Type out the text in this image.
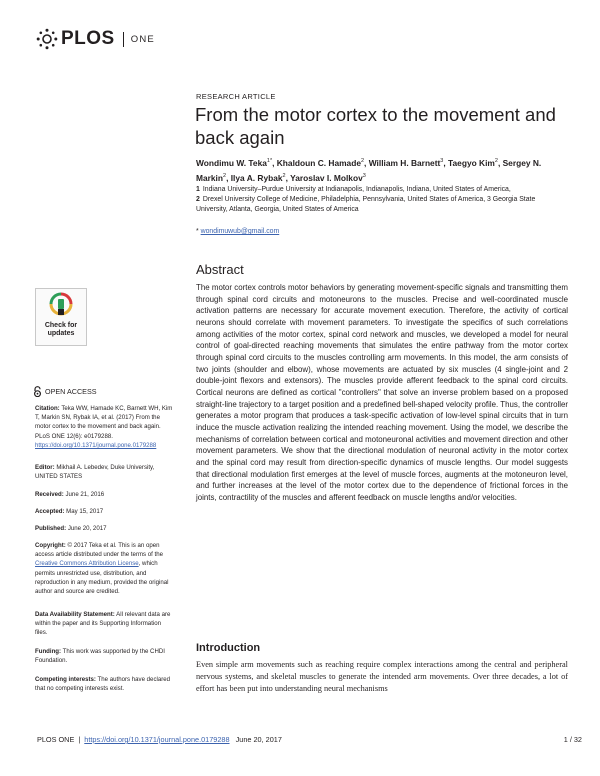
PLOS ONE
RESEARCH ARTICLE
From the motor cortex to the movement and back again
Wondimu W. Teka$^{1*}$, Khaldoun C. Hamade$^2$, William H. Barnett$^3$, Taegyo Kim$^2$, Sergey N. Markin$^2$, Ilya A. Rybak$^2$, Yaroslav I. Molkov$^3$
1 Indiana University–Purdue University at Indianapolis, Indianapolis, Indiana, United States of America,
2 Drexel University College of Medicine, Philadelphia, Pennsylvania, United States of America, 3 Georgia State University, Atlanta, Georgia, United States of America
* wondimuwub@gmail.com
Abstract
The motor cortex controls motor behaviors by generating movement-specific signals and transmitting them through spinal cord circuits and motoneurons to the muscles. Precise and well-coordinated muscle activation patterns are necessary for accurate movement execution. Therefore, the activity of cortical neurons should correlate with movement parameters. To investigate the specifics of such correlations among activities of the motor cortex, spinal cord network and muscles, we developed a model for neural control of goal-directed reaching movements that simulates the entire pathway from the motor cortex through spinal cord circuits to the muscles controlling arm movements. In this model, the arm consists of two joints (shoulder and elbow), whose movements are actuated by six muscles (4 single-joint and 2 double-joint flexors and extensors). The muscles provide afferent feedback to the spinal cord circuits. Cortical neurons are defined as cortical "controllers" that solve an inverse problem based on a proposed straight-line trajectory to a target position and a predefined bell-shaped velocity profile. Thus, the controller generates a motor program that produces a task-specific activation of low-level spinal circuits that in turn induce the muscle activation realizing the intended reaching movement. Using the model, we describe the mechanisms of correlation between cortical and motoneuronal activities and movement direction and other movement parameters. We show that the directional modulation of neuronal activity in the motor cortex and the spinal cord may result from direction-specific dynamics of muscle lengths. Our model suggests that directional modulation first emerges at the level of muscle forces, augments at the motoneuron level, and further increases at the level of the motor cortex due to the dependence of frictional forces in the joints, contractility of the muscles and afferent feedback on muscle lengths and/or velocities.
Introduction
Even simple arm movements such as reaching require complex interactions among the central and peripheral nervous systems, and skeletal muscles to generate the intended arm movements. Over three decades, a lot of effort has been put into understanding neural mechanisms
Check for updates
OPEN ACCESS
Citation: Teka WW, Hamade KC, Barnett WH, Kim T, Markin SN, Rybak IA, et al. (2017) From the motor cortex to the movement and back again. PLoS ONE 12(6): e0179288. https://doi.org/10.1371/journal.pone.0179288
Editor: Mikhail A. Lebedev, Duke University, UNITED STATES
Received: June 21, 2016
Accepted: May 15, 2017
Published: June 20, 2017
Copyright: © 2017 Teka et al. This is an open access article distributed under the terms of the Creative Commons Attribution License, which permits unrestricted use, distribution, and reproduction in any medium, provided the original author and source are credited.
Data Availability Statement: All relevant data are within the paper and its Supporting Information files.
Funding: This work was supported by the CHDI Foundation.
Competing interests: The authors have declared that no competing interests exist.
PLOS ONE | https://doi.org/10.1371/journal.pone.0179288 June 20, 2017	1 / 32
